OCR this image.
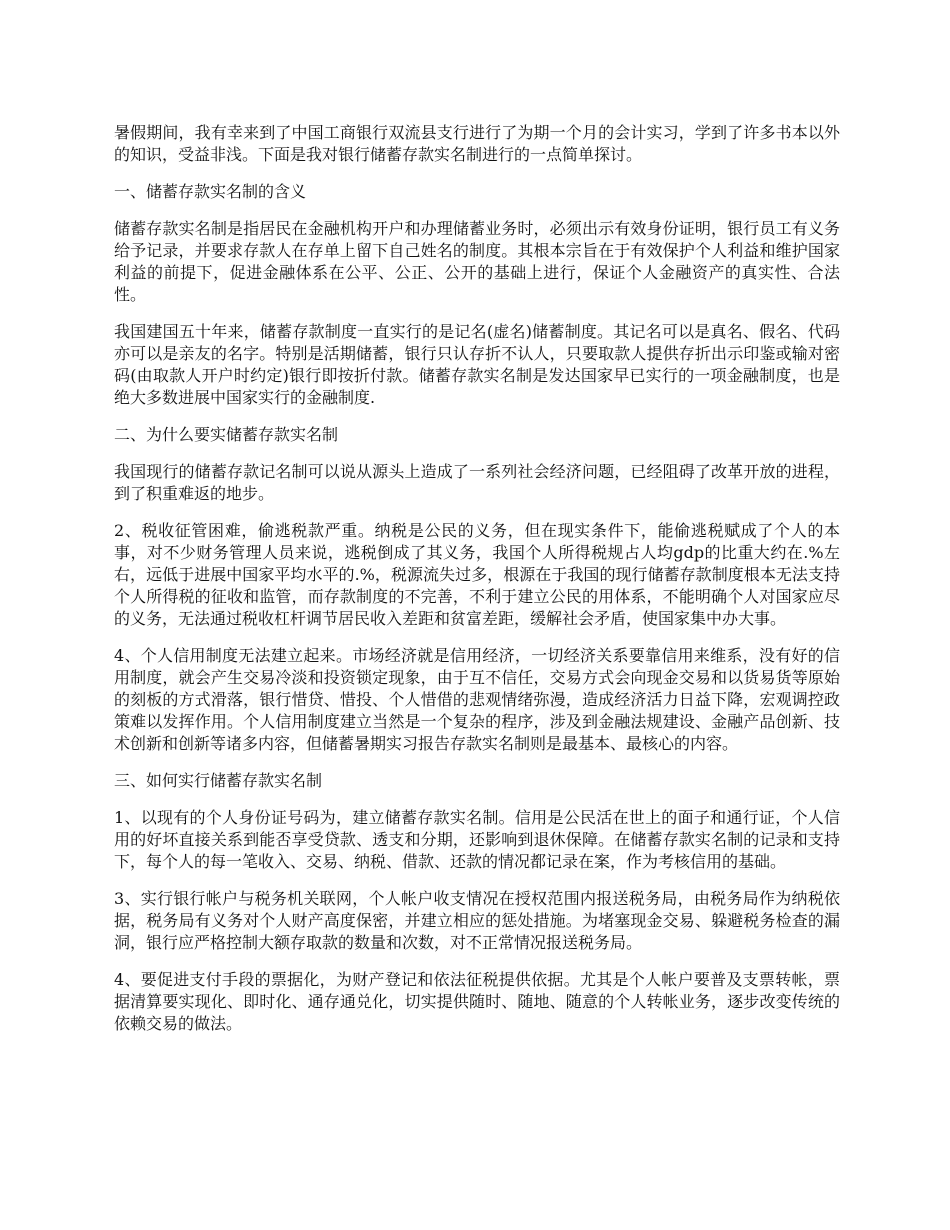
暑假期间，我有幸来到了中国工商银行双流县支行进行了为期一个月的会计实习，学到了许多书本以外的知识，受益非浅。下面是我对银行储蓄存款实名制进行的一点简单探讨。

一、储蓄存款实名制的含义

储蓄存款实名制是指居民在金融机构开户和办理储蓄业务时，必须出示有效身份证明，银行员工有义务给予记录，并要求存款人在存单上留下自己姓名的制度。其根本宗旨在于有效保护个人利益和维护国家利益的前提下，促进金融体系在公平、公正、公开的基础上进行，保证个人金融资产的真实性、合法性。

我国建国五十年来，储蓄存款制度一直实行的是记名(虚名)储蓄制度。其记名可以是真名、假名、代码亦可以是亲友的名字。特别是活期储蓄，银行只认存折不认人，只要取款人提供存折出示印鉴或输对密码(由取款人开户时约定)银行即按折付款。储蓄存款实名制是发达国家早已实行的一项金融制度，也是绝大多数进展中国家实行的金融制度.

二、为什么要实储蓄存款实名制

我国现行的储蓄存款记名制可以说从源头上造成了一系列社会经济问题，已经阻碍了改革开放的进程，到了积重难返的地步。

2、税收征管困难，偷逃税款严重。纳税是公民的义务，但在现实条件下，能偷逃税赋成了个人的本事，对不少财务管理人员来说，逃税倒成了其义务，我国个人所得税规占人均gdp的比重大约在.%左右，远低于进展中国家平均水平的.%，税源流失过多，根源在于我国的现行储蓄存款制度根本无法支持个人所得税的征收和监管，而存款制度的不完善，不利于建立公民的用体系，不能明确个人对国家应尽的义务，无法通过税收杠杆调节居民收入差距和贫富差距，缓解社会矛盾，使国家集中办大事。

4、个人信用制度无法建立起来。市场经济就是信用经济，一切经济关系要靠信用来维系，没有好的信用制度，就会产生交易冷淡和投资锁定现象，由于互不信任，交易方式会向现金交易和以货易货等原始的刻板的方式滑落，银行惜贷、惜投、个人惜借的悲观情绪弥漫，造成经济活力日益下降，宏观调控政策难以发挥作用。个人信用制度建立当然是一个复杂的程序，涉及到金融法规建设、金融产品创新、技术创新和创新等诸多内容，但储蓄暑期实习报告存款实名制则是最基本、最核心的内容。

三、如何实行储蓄存款实名制

1、以现有的个人身份证号码为，建立储蓄存款实名制。信用是公民活在世上的面子和通行证，个人信用的好坏直接关系到能否享受贷款、透支和分期，还影响到退休保障。在储蓄存款实名制的记录和支持下，每个人的每一笔收入、交易、纳税、借款、还款的情况都记录在案，作为考核信用的基础。

3、实行银行帐户与税务机关联网，个人帐户收支情况在授权范围内报送税务局，由税务局作为纳税依据，税务局有义务对个人财产高度保密，并建立相应的惩处措施。为堵塞现金交易、躲避税务检查的漏洞，银行应严格控制大额存取款的数量和次数，对不正常情况报送税务局。

4、要促进支付手段的票据化，为财产登记和依法征税提供依据。尤其是个人帐户要普及支票转帐，票据清算要实现化、即时化、通存通兑化，切实提供随时、随地、随意的个人转帐业务，逐步改变传统的依赖交易的做法。
